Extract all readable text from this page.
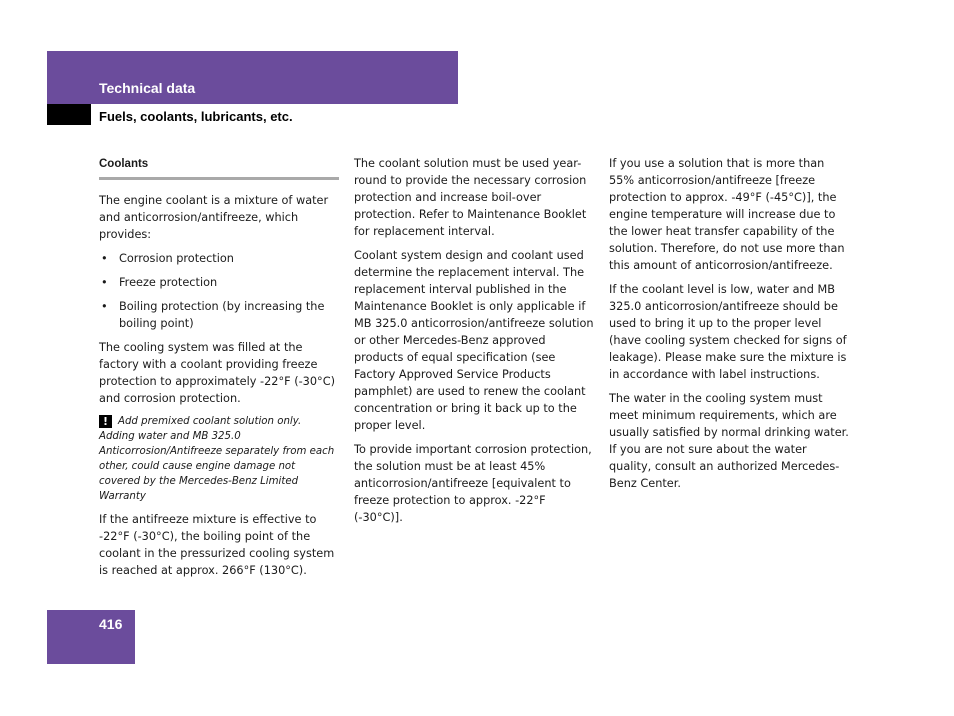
Technical data
Fuels, coolants, lubricants, etc.
Coolants

The engine coolant is a mixture of water and anticorrosion/antifreeze, which provides:

• Corrosion protection
• Freeze protection
• Boiling protection (by increasing the boiling point)

The cooling system was filled at the factory with a coolant providing freeze protection to approximately -22°F (-30°C) and corrosion protection.

! Add premixed coolant solution only. Adding water and MB 325.0 Anticorrosion/Antifreeze separately from each other, could cause engine damage not covered by the Mercedes-Benz Limited Warranty

If the antifreeze mixture is effective to -22°F (-30°C), the boiling point of the coolant in the pressurized cooling system is reached at approx. 266°F (130°C).

The coolant solution must be used year-round to provide the necessary corrosion protection and increase boil-over protection. Refer to Maintenance Booklet for replacement interval.

Coolant system design and coolant used determine the replacement interval. The replacement interval published in the Maintenance Booklet is only applicable if MB 325.0 anticorrosion/antifreeze solution or other Mercedes-Benz approved products of equal specification (see Factory Approved Service Products pamphlet) are used to renew the coolant concentration or bring it back up to the proper level.

To provide important corrosion protection, the solution must be at least 45% anticorrosion/antifreeze [equivalent to freeze protection to approx. -22°F (-30°C)].

If you use a solution that is more than 55% anticorrosion/antifreeze [freeze protection to approx. -49°F (-45°C)], the engine temperature will increase due to the lower heat transfer capability of the solution. Therefore, do not use more than this amount of anticorrosion/antifreeze.

If the coolant level is low, water and MB 325.0 anticorrosion/antifreeze should be used to bring it up to the proper level (have cooling system checked for signs of leakage). Please make sure the mixture is in accordance with label instructions.

The water in the cooling system must meet minimum requirements, which are usually satisfied by normal drinking water. If you are not sure about the water quality, consult an authorized Mercedes-Benz Center.

416
